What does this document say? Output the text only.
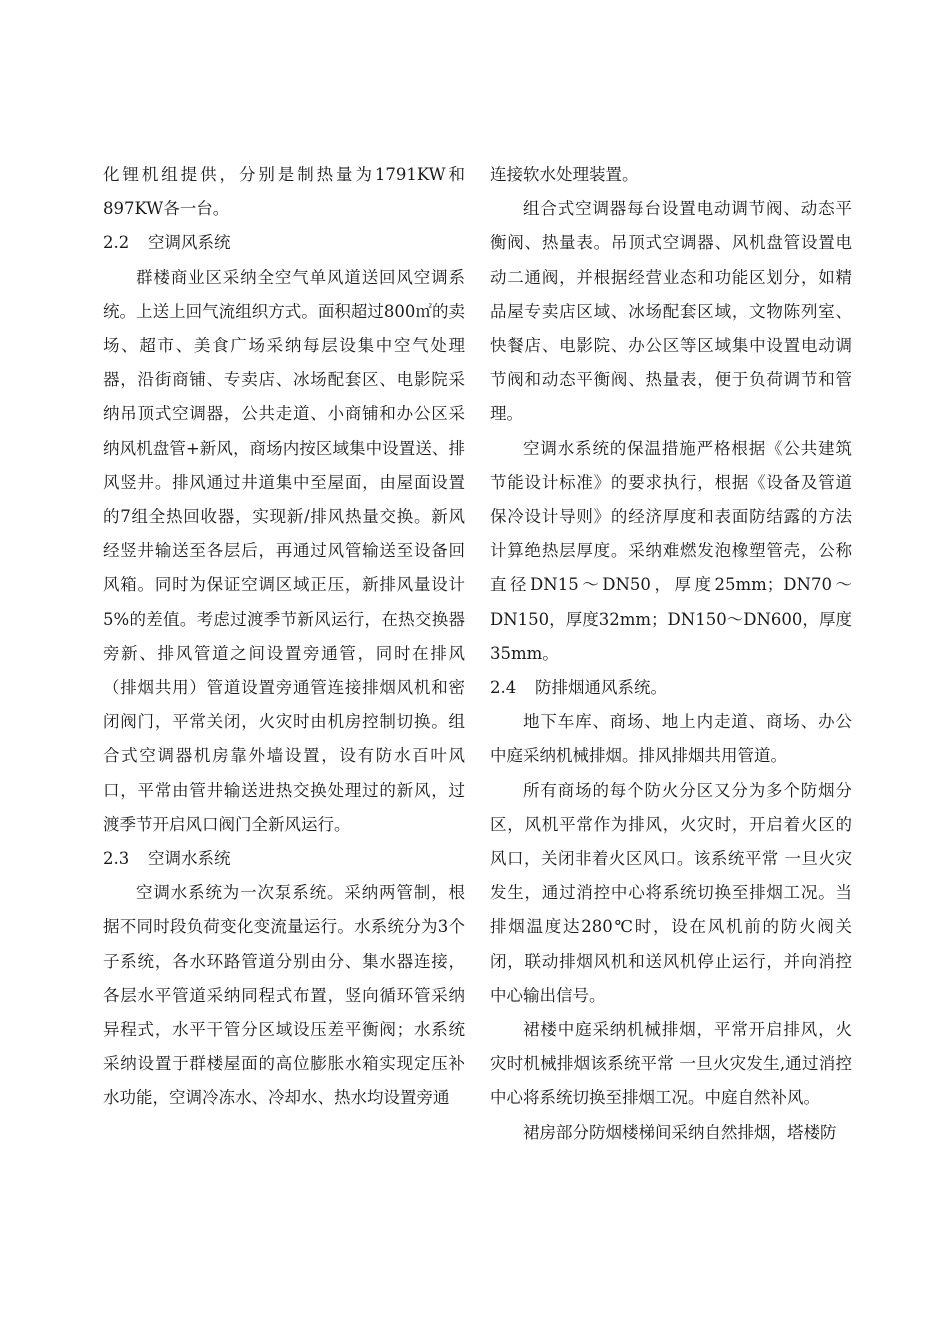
化锂机组提供，分别是制热量为1791KW和897KW各一台。
2.2 空调风系统
群楼商业区采纳全空气单风道送回风空调系统。上送上回气流组织方式。面积超过800㎡的卖场、超市、美食广场采纳每层设集中空气处理器，沿街商铺、专卖店、冰场配套区、电影院采纳吊顶式空调器，公共走道、小商铺和办公区采纳风机盘管+新风，商场内按区域集中设置送、排风竖井。排风通过井道集中至屋面，由屋面设置的7组全热回收器，实现新/排风热量交换。新风经竖井输送至各层后，再通过风管输送至设备回风箱。同时为保证空调区域正压，新排风量设计5%的差值。考虑过渡季节新风运行，在热交换器旁新、排风管道之间设置旁通管，同时在排风（排烟共用）管道设置旁通管连接排烟风机和密闭阀门，平常关闭，火灾时由机房控制切换。组合式空调器机房靠外墙设置，设有防水百叶风口，平常由管井输送进热交换处理过的新风，过渡季节开启风口阀门全新风运行。
2.3 空调水系统
空调水系统为一次泵系统。采纳两管制，根据不同时段负荷变化变流量运行。水系统分为3个子系统，各水环路管道分别由分、集水器连接，各层水平管道采纳同程式布置，竖向循环管采纳异程式，水平干管分区域设压差平衡阀；水系统采纳设置于群楼屋面的高位膨胀水箱实现定压补水功能，空调冷冻水、冷却水、热水均设置旁通
连接软水处理装置。
组合式空调器每台设置电动调节阀、动态平衡阀、热量表。吊顶式空调器、风机盘管设置电动二通阀，并根据经营业态和功能区划分，如精品屋专卖店区域、冰场配套区域，文物陈列室、快餐店、电影院、办公区等区域集中设置电动调节阀和动态平衡阀、热量表，便于负荷调节和管理。
空调水系统的保温措施严格根据《公共建筑节能设计标准》的要求执行，根据《设备及管道保冷设计导则》的经济厚度和表面防结露的方法计算绝热层厚度。采纳难燃发泡橡塑管壳，公称直径DN15～DN50，厚度25mm；DN70～DN150，厚度32mm；DN150～DN600，厚度35mm。
2.4 防排烟通风系统。
地下车库、商场、地上内走道、商场、办公中庭采纳机械排烟。排风排烟共用管道。
所有商场的每个防火分区又分为多个防烟分区，风机平常作为排风，火灾时，开启着火区的风口，关闭非着火区风口。该系统平常 一旦火灾发生，通过消控中心将系统切换至排烟工况。当排烟温度达280℃时，设在风机前的防火阀关闭，联动排烟风机和送风机停止运行，并向消控中心输出信号。
裙楼中庭采纳机械排烟，平常开启排风，火灾时机械排烟该系统平常 一旦火灾发生,通过消控中心将系统切换至排烟工况。中庭自然补风。
裙房部分防烟楼梯间采纳自然排烟，塔楼防
